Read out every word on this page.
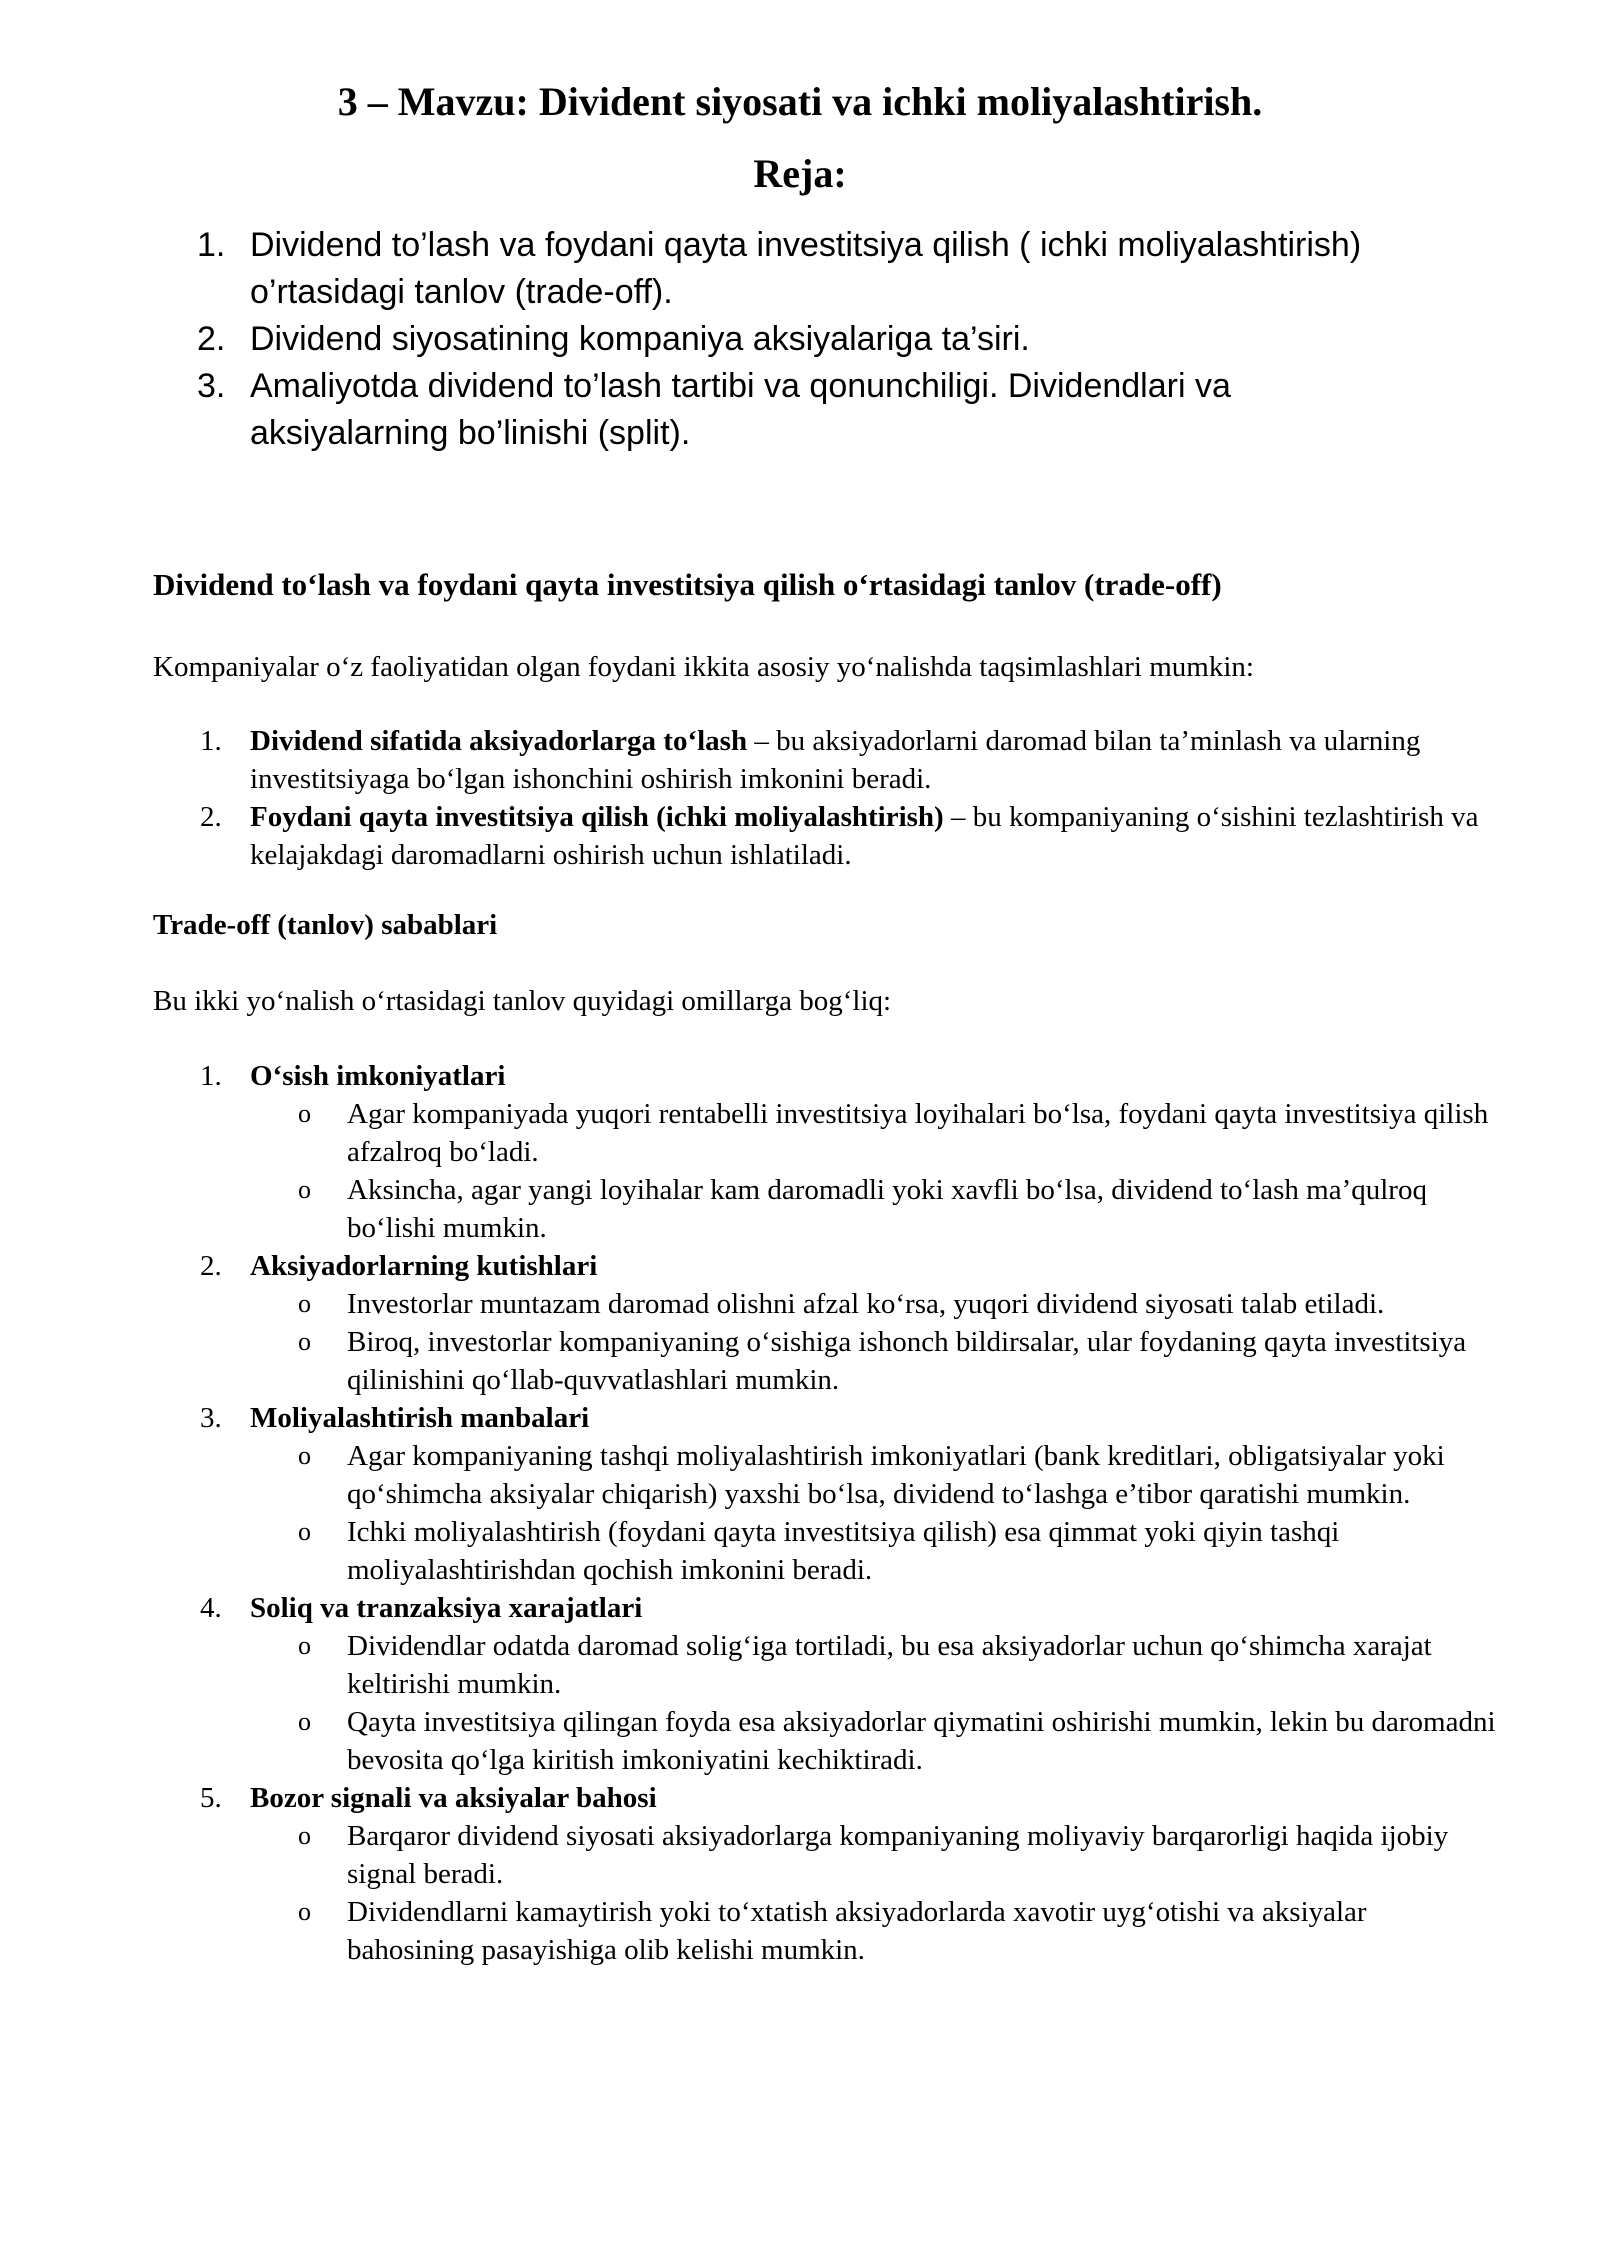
3 – Mavzu: Divident siyosati va ichki moliyalashtirish.
Reja:
1. Dividend to’lash va foydani qayta investitsiya qilish ( ichki moliyalashtirish) o’rtasidagi tanlov (trade-off).
2. Dividend siyosatining kompaniya aksiyalariga ta’siri.
3. Amaliyotda dividend to’lash tartibi va qonunchiligi. Dividendlari va aksiyalarning bo’linishi (split).
Dividend toʻlash va foydani qayta investitsiya qilish oʻrtasidagi tanlov (trade-off)
Kompaniyalar oʻz faoliyatidan olgan foydani ikkita asosiy yoʻnalishda taqsimlashlari mumkin:
1. Dividend sifatida aksiyadorlarga toʻlash – bu aksiyadorlarni daromad bilan ta’minlash va ularning investitsiyaga boʻlgan ishonchini oshirish imkonini beradi.
2. Foydani qayta investitsiya qilish (ichki moliyalashtirish) – bu kompaniyaning oʻsishini tezlashtirish va kelajakdagi daromadlarni oshirish uchun ishlatiladi.
Trade-off (tanlov) sabablari
Bu ikki yoʻnalish oʻrtasidagi tanlov quyidagi omillarga bogʻliq:
1. Oʻsish imkoniyatlari
o Agar kompaniyada yuqori rentabelli investitsiya loyihalari boʻlsa, foydani qayta investitsiya qilish afzalroq boʻladi.
o Aksincha, agar yangi loyihalar kam daromadli yoki xavfli boʻlsa, dividend toʻlash ma’qulroq boʻlishi mumkin.
2. Aksiyadorlarning kutishlari
o Investorlar muntazam daromad olishni afzal koʻrsa, yuqori dividend siyosati talab etiladi.
o Biroq, investorlar kompaniyaning oʻsishiga ishonch bildirsalar, ular foydaning qayta investitsiya qilinishini qoʻllab-quvvatlashlari mumkin.
3. Moliyalashtirish manbalari
o Agar kompaniyaning tashqi moliyalashtirish imkoniyatlari (bank kreditlari, obligatsiyalar yoki qoʻshimcha aksiyalar chiqarish) yaxshi boʻlsa, dividend toʻlashga e’tibor qaratishi mumkin.
o Ichki moliyalashtirish (foydani qayta investitsiya qilish) esa qimmat yoki qiyin tashqi moliyalashtirishdan qochish imkonini beradi.
4. Soliq va tranzaksiya xarajatlari
o Dividendlar odatda daromad soligʻiga tortiladi, bu esa aksiyadorlar uchun qoʻshimcha xarajat keltirishi mumkin.
o Qayta investitsiya qilingan foyda esa aksiyadorlar qiymatini oshirishi mumkin, lekin bu daromadni bevosita qoʻlga kiritish imkoniyatini kechiktiradi.
5. Bozor signali va aksiyalar bahosi
o Barqaror dividend siyosati aksiyadorlarga kompaniyaning moliyaviy barqarorligi haqida ijobiy signal beradi.
o Dividendlarni kamaytirish yoki toʻxtatish aksiyadorlarda xavotir uygʻotishi va aksiyalar bahosining pasayishiga olib kelishi mumkin.
